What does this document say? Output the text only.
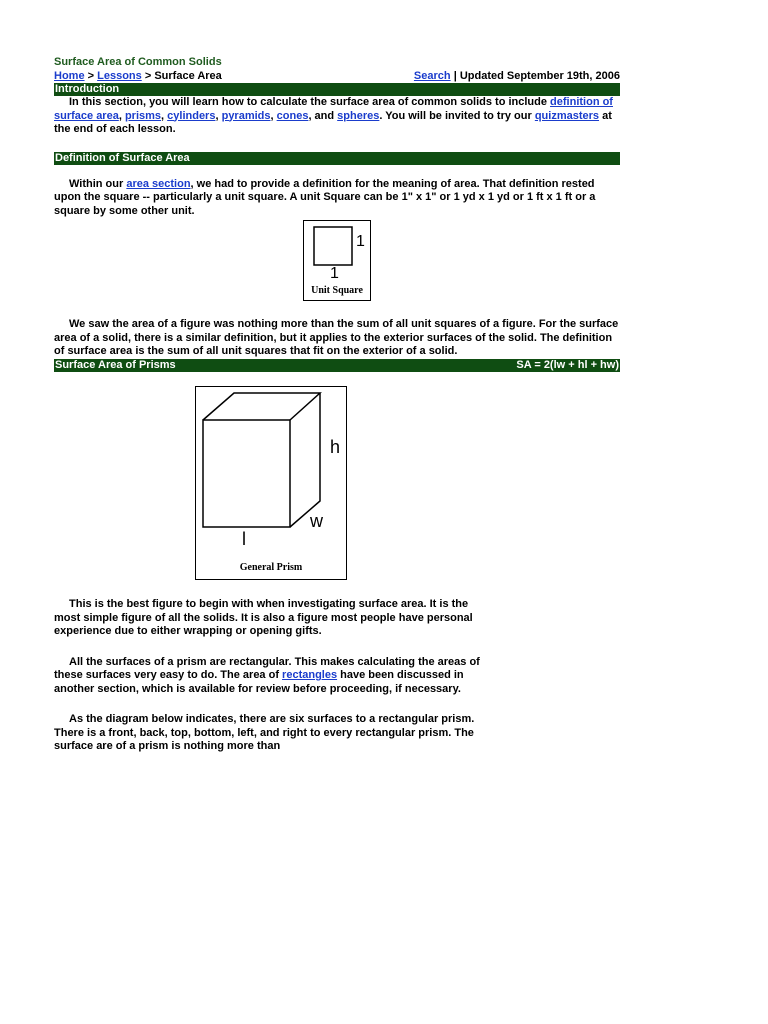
Surface Area of Common Solids
Home > Lessons > Surface Area	Search | Updated September 19th, 2006
Introduction

In this section, you will learn how to calculate the surface area of common solids to include definition of surface area, prisms, cylinders, pyramids, cones, and spheres. You will be invited to try our quizmasters at the end of each lesson.

Definition of Surface Area

Within our area section, we had to provide a definition for the meaning of area. That definition rested upon the square -- particularly a unit square. A unit Square can be 1" x 1" or 1 yd x 1 yd or 1 ft x 1 ft or a square by some other unit.

1
1
Unit Square

We saw the area of a figure was nothing more than the sum of all unit squares of a figure. For the surface area of a solid, there is a similar definition, but it applies to the exterior surfaces of the solid. The definition of surface area is the sum of all unit squares that fit on the exterior of a solid.

Surface Area of Prisms	SA = 2(lw + hl + hw)
h
w
l
General Prism

This is the best figure to begin with when investigating surface area. It is the most simple figure of all the solids. It is also a figure most people have personal experience due to either wrapping or opening gifts.

All the surfaces of a prism are rectangular. This makes calculating the areas of these surfaces very easy to do. The area of rectangles have been discussed in another section, which is available for review before proceeding, if necessary.

As the diagram below indicates, there are six surfaces to a rectangular prism. There is a front, back, top, bottom, left, and right to every rectangular prism. The surface are of a prism is nothing more than
